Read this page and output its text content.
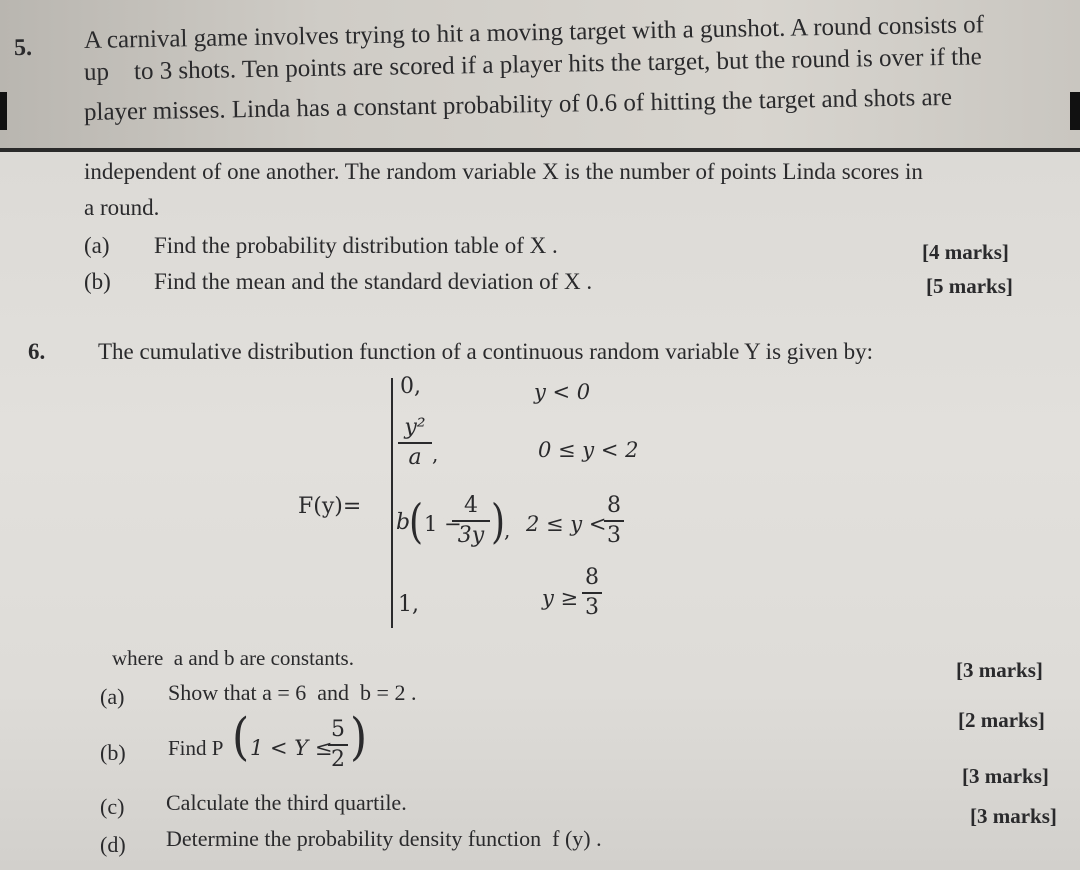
5. A carnival game involves trying to hit a moving target with a gunshot. A round consists of
up    to 3 shots. Ten points are scored if a player hits the target, but the round is over if the
player misses. Linda has a constant probability of 0.6 of hitting the target and shots are
independent of one another. The random variable X is the number of points Linda scores in
a round.
(a) Find the probability distribution table of X .	[4 marks]
(b) Find the mean and the standard deviation of X .	[5 marks]
6. The cumulative distribution function of a continuous random variable Y is given by:
F(y)=
0,	y < 0
y²
a ,	0 ≤ y < 2
b
( 1 −
4
3y )
, 2 ≤ y <
8
3
1,	y ≥
8
3
where  a and b are constants.
(a) Show that a = 6  and  b = 2 .
[3 marks]
(b) Find P ( 1 < Y ≤
5
2 )	[2 marks]
(c) Calculate the third quartile.
[3 marks]
(d) Determine the probability density function  f (y) .
[3 marks]
